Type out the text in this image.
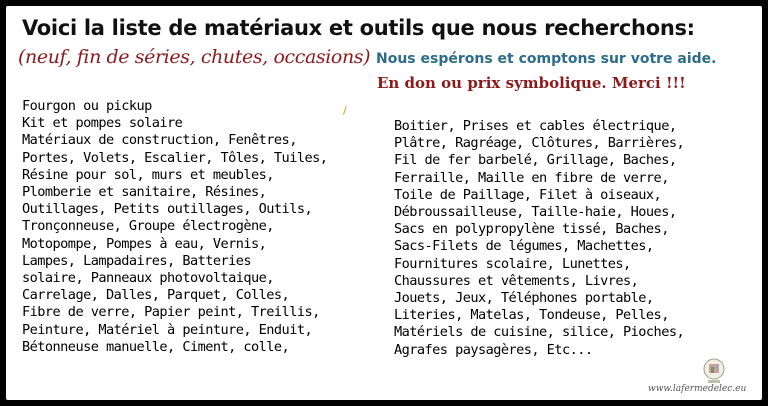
Voici la liste de matériaux et outils que nous recherchons:
(neuf, fin de séries, chutes, occasions) Nous espérons et comptons sur votre aide.
En don ou prix symbolique. Merci !!!
/
Fourgon ou pickup
Kit et pompes solaire
Matériaux de construction, Fenêtres,
Portes, Volets, Escalier, Tôles, Tuiles,
Résine pour sol, murs et meubles,
Plomberie et sanitaire, Résines,
Outillages, Petits outillages, Outils,
Tronçonneuse, Groupe électrogène,
Motopompe, Pompes à eau, Vernis,
Lampes, Lampadaires, Batteries
solaire, Panneaux photovoltaique,
Carrelage, Dalles, Parquet, Colles,
Fibre de verre, Papier peint, Treillis,
Peinture, Matériel à peinture, Enduit,
Bétonneuse manuelle, Ciment, colle,
Boitier, Prises et cables électrique,
Plâtre, Ragréage, Clôtures, Barrières,
Fil de fer barbelé, Grillage, Baches,
Ferraille, Maille en fibre de verre,
Toile de Paillage, Filet à oiseaux,
Débroussailleuse, Taille-haie, Houes,
Sacs en polypropylène tissé, Baches,
Sacs-Filets de légumes, Machettes,
Fournitures scolaire, Lunettes,
Chaussures et vêtements, Livres,
Jouets, Jeux, Téléphones portable,
Literies, Matelas, Tondeuse, Pelles,
Matériels de cuisine, silice, Pioches,
Agrafes paysagères, Etc...
www.lafermedelec.eu
